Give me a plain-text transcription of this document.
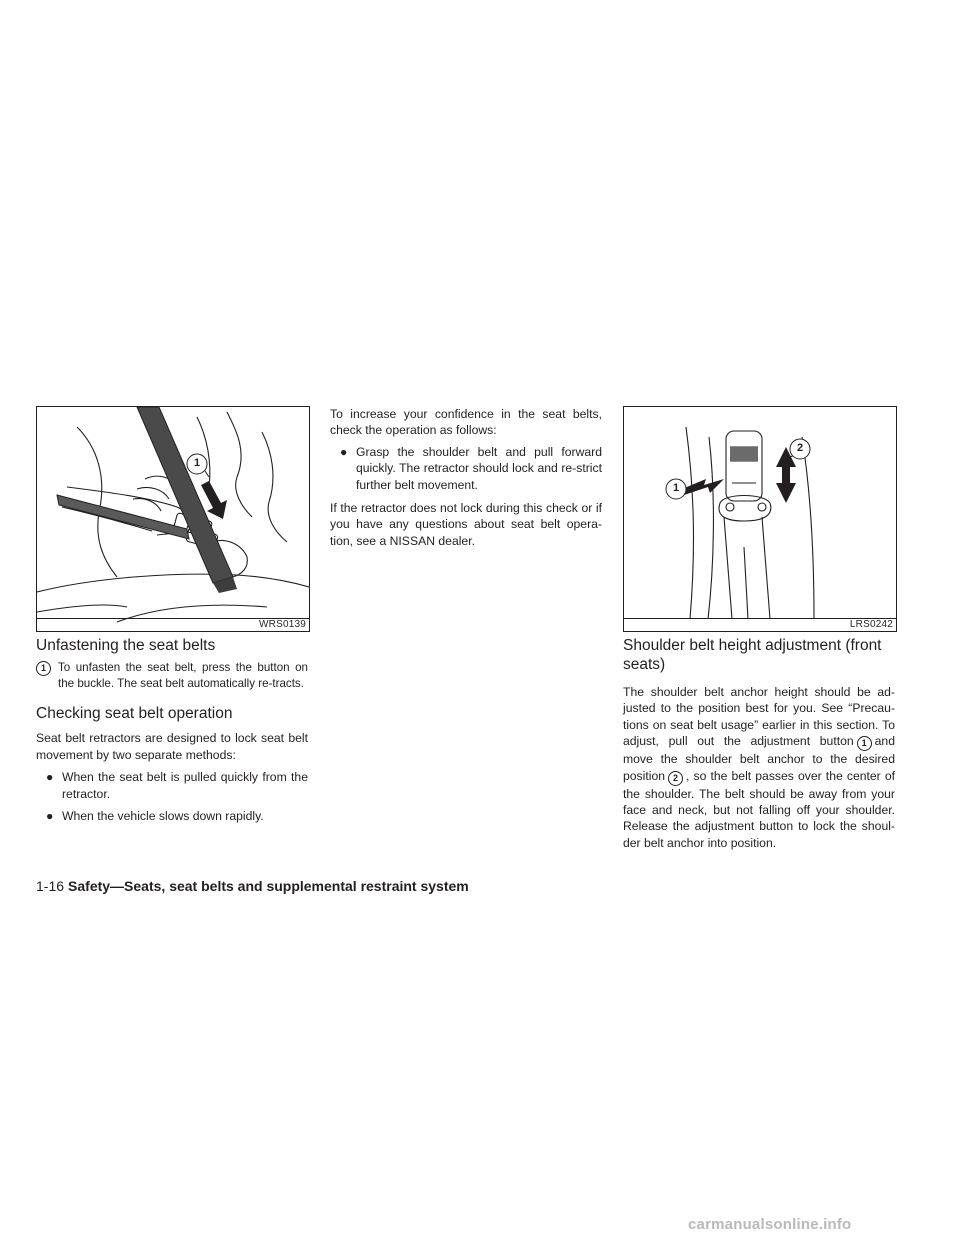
1
WRS0139
Unfastening the seat belts
1	To unfasten the seat belt, press the button on the buckle. The seat belt automatically re-tracts.
Checking seat belt operation

Seat belt retractors are designed to lock seat belt movement by two separate methods:

● When the seat belt is pulled quickly from the retractor.
● When the vehicle slows down rapidly.

To increase your confidence in the seat belts, check the operation as follows:

● Grasp the shoulder belt and pull forward quickly. The retractor should lock and re-strict further belt movement.

If the retractor does not lock during this check or if you have any questions about seat belt opera-tion, see a NISSAN dealer.

2
1
LRS0242
Shoulder belt height adjustment (front seats)

The shoulder belt anchor height should be ad-justed to the position best for you. See “Precau-tions on seat belt usage” earlier in this section. To adjust, pull out the adjustment button 1 and move the shoulder belt anchor to the desired position 2 , so the belt passes over the center of the shoulder. The belt should be away from your face and neck, but not falling off your shoulder. Release the adjustment button to lock the shoul-der belt anchor into position.

1-16 Safety—Seats, seat belts and supplemental restraint system
carmanualsonline.info
